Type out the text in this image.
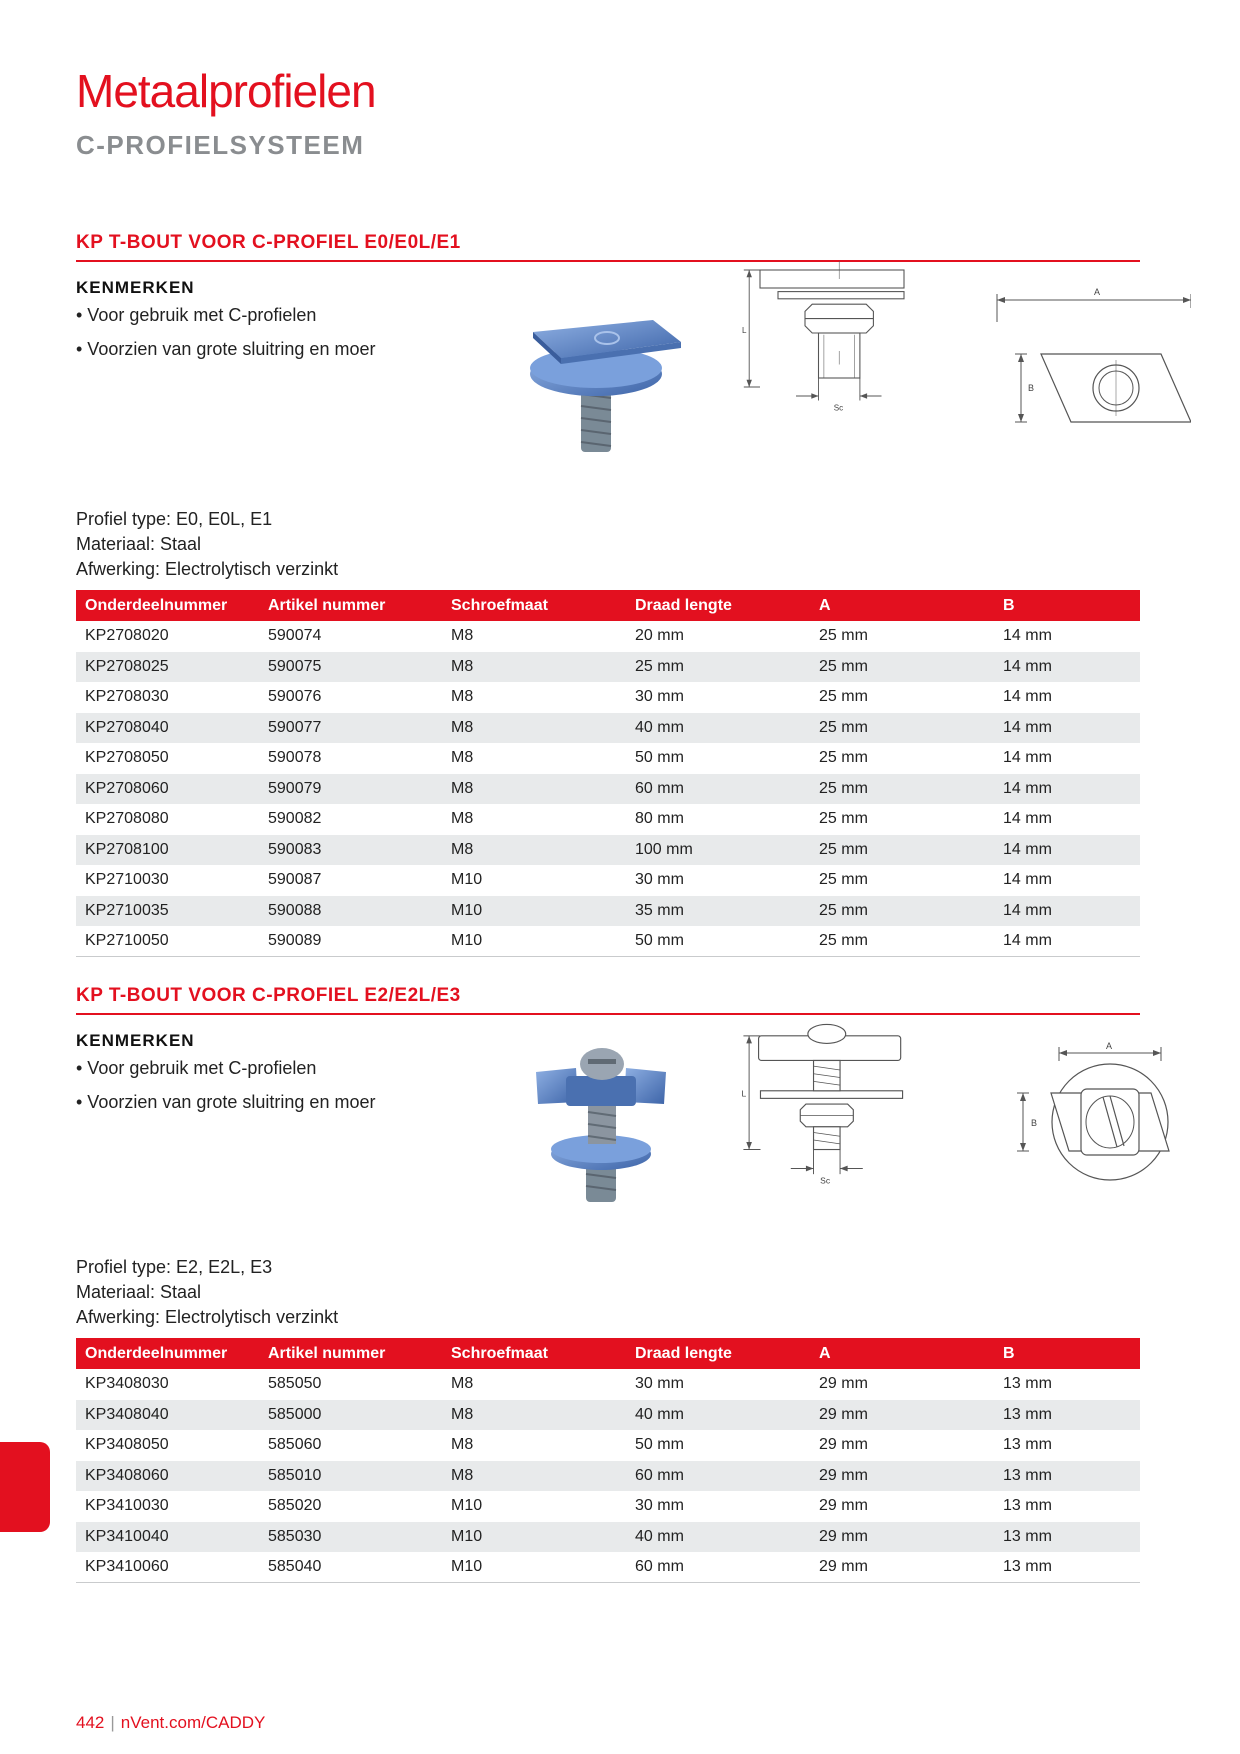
Metaalprofielen
C-PROFIELSYSTEEM
KP T-BOUT VOOR C-PROFIEL E0/E0L/E1
KENMERKEN
• Voor gebruik met C-profielen
• Voorzien van grote sluitring en moer
L
Sc
A
B
Profiel type: E0, E0L, E1
Materiaal: Staal
Afwerking: Electrolytisch verzinkt
Onderdeelnummer	Artikel nummer	Schroefmaat	Draad lengte	A	B
KP2708020	590074	M8	20 mm	25 mm	14 mm
KP2708025	590075	M8	25 mm	25 mm	14 mm
KP2708030	590076	M8	30 mm	25 mm	14 mm
KP2708040	590077	M8	40 mm	25 mm	14 mm
KP2708050	590078	M8	50 mm	25 mm	14 mm
KP2708060	590079	M8	60 mm	25 mm	14 mm
KP2708080	590082	M8	80 mm	25 mm	14 mm
KP2708100	590083	M8	100 mm	25 mm	14 mm
KP2710030	590087	M10	30 mm	25 mm	14 mm
KP2710035	590088	M10	35 mm	25 mm	14 mm
KP2710050	590089	M10	50 mm	25 mm	14 mm
KP T-BOUT VOOR C-PROFIEL E2/E2L/E3
KENMERKEN
• Voor gebruik met C-profielen
• Voorzien van grote sluitring en moer	L
Sc
A
B
Profiel type: E2, E2L, E3
Materiaal: Staal
Afwerking: Electrolytisch verzinkt
Onderdeelnummer	Artikel nummer	Schroefmaat	Draad lengte	A	B
KP3408030	585050	M8	30 mm	29 mm	13 mm
KP3408040	585000	M8	40 mm	29 mm	13 mm
KP3408050	585060	M8	50 mm	29 mm	13 mm
KP3408060	585010	M8	60 mm	29 mm	13 mm
KP3410030	585020	M10	30 mm	29 mm	13 mm
KP3410040	585030	M10	40 mm	29 mm	13 mm
KP3410060	585040	M10	60 mm	29 mm	13 mm
442 | nVent.com/CADDY
